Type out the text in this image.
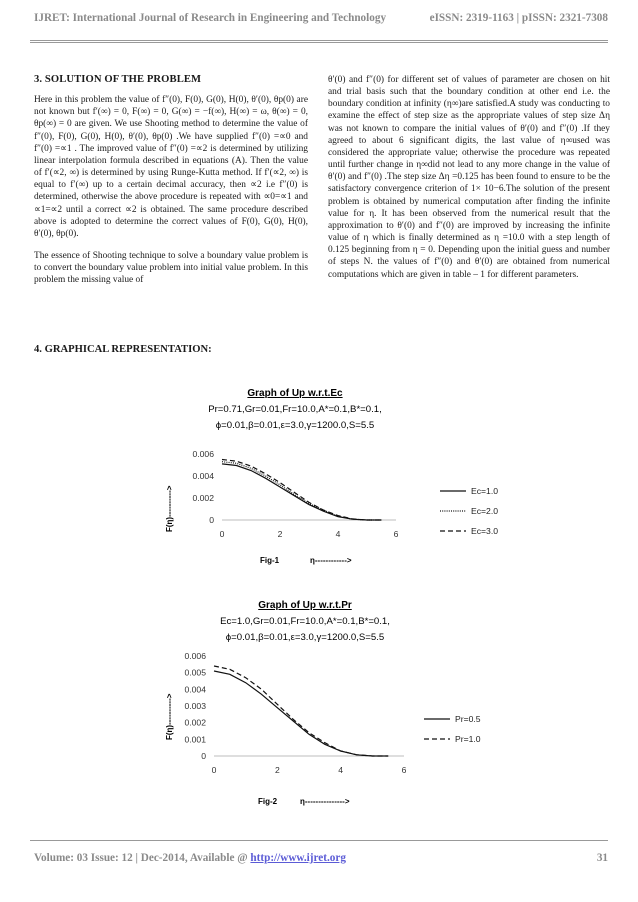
IJRET: International Journal of Research in Engineering and Technology	eISSN: 2319-1163 | pISSN: 2321-7308
3. SOLUTION OF THE PROBLEM

Here in this problem the value of f″(0), F(0), G(0), H(0), θ′(0), θp(0) are not known but f′(∞) = 0, F(∞) = 0, G(∞) = −f(∞), H(∞) = ω, θ(∞) = 0, θp(∞) = 0 are given. We use Shooting method to determine the value of f″(0), F(0), G(0), H(0), θ′(0), θp(0) .We have supplied f″(0) =∝0 and f″(0) =∝1 . The improved value of f″(0) =∝2 is determined by utilizing linear interpolation formula described in equations (A). Then the value of f′(∝2, ∞) is determined by using Runge-Kutta method. If f′(∝2, ∞) is equal to f′(∞) up to a certain decimal accuracy, then ∝2 i.e f″(0) is determined, otherwise the above procedure is repeated with ∝0=∝1 and ∝1=∝2 until a correct ∝2 is obtained. The same procedure described above is adopted to determine the correct values of F(0), G(0), H(0), θ′(0), θp(0).

The essence of Shooting technique to solve a boundary value problem is to convert the boundary value problem into initial value problem. In this problem the missing value of

θ′(0) and f″(0) for different set of values of parameter are chosen on hit and trial basis such that the boundary condition at other end i.e. the boundary condition at infinity (η∞)are satisfied.A study was conducting to examine the effect of step size as the appropriate values of step size Δη was not known to compare the initial values of θ′(0) and f″(0) .If they agreed to about 6 significant digits, the last value of η∞used was considered the appropriate value; otherwise the procedure was repeated until further change in η∞did not lead to any more change in the value of θ′(0) and f″(0) .The step size Δη =0.125 has been found to ensure to be the satisfactory convergence criterion of 1× 10−6.The solution of the present problem is obtained by numerical computation after finding the infinite value for η. It has been observed from the numerical result that the approximation to θ′(0) and f″(0) are improved by increasing the infinite value of η which is finally determined as η =10.0 with a step length of 0.125 beginning from η = 0. Depending upon the initial guess and number of steps N. the values of f″(0) and θ′(0) are obtained from numerical computations which are given in table – 1 for different parameters.

4. GRAPHICAL REPRESENTATION:
Graph of Up w.r.t.Ec
Pr=0.71,Gr=0.01,Fr=10.0,A*=0.1,B*=0.1,
ϕ=0.01,β=0.01,ε=3.0,γ=1200.0,S=5.5
F(η)---------->	0
0.002
0.004
0.006
0	2	4	6
Ec=1.0
Ec=2.0
Ec=3.0
Fig-1	η------------>
Graph of Up w.r.t.Pr
Ec=1.0,Gr=0.01,Fr=10.0,A*=0.1,B*=0.1,
ϕ=0.01,β=0.01,ε=3.0,γ=1200.0,S=5.5
F(η)---------->
0
0.001
0.002
0.003
0.004
0.005
0.006
0	2	4	6
Pr=0.5
Pr=1.0
Fig-2	η--------------->
Volume: 03 Issue: 12 | Dec-2014, Available @ http://www.ijret.org	31
